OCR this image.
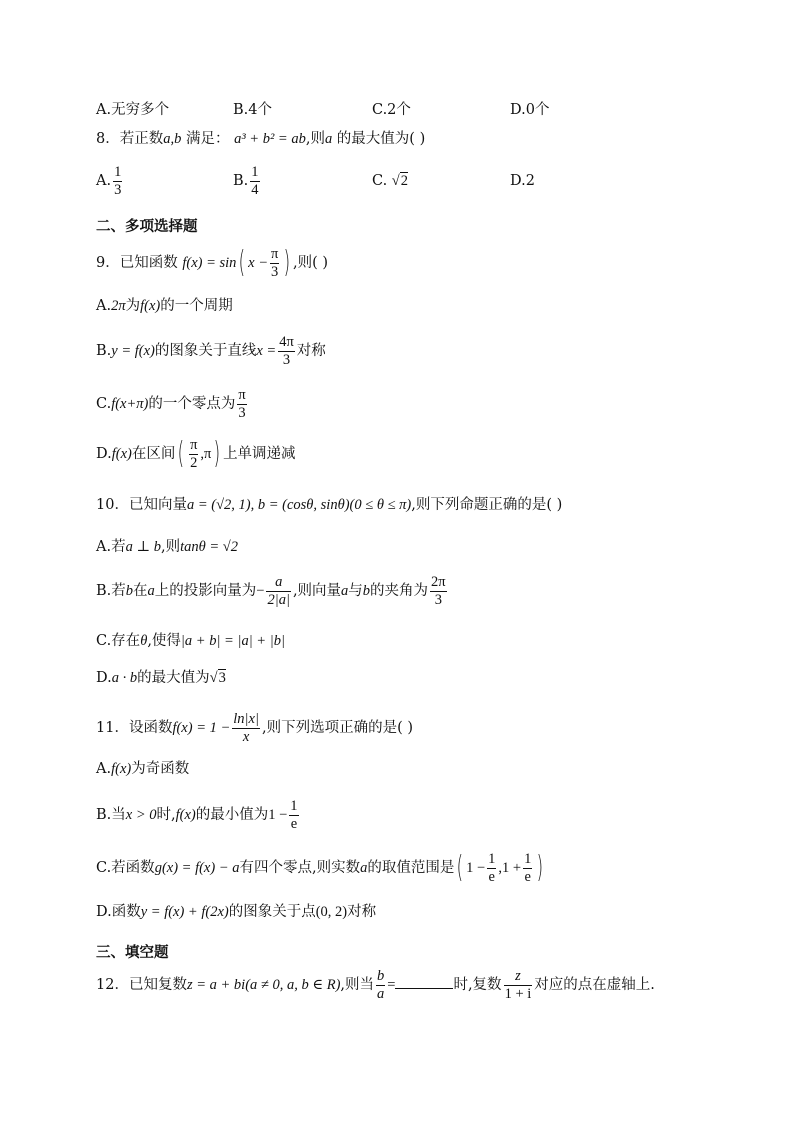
A.无穷多个	B.4个	C.2个	D.0个
8．若正数a,b 满足： a³ + b² = ab,则a 的最大值为( )
A. $\frac{1}{3}$	B. $\frac{1}{4}$	C. √2	D.2
二、多项选择题
9．已知函数 f(x) = sin( $x - \frac{\pi}{3}$ ) ,则( )
A.2π为f(x)的一个周期
B.y = f(x)的图象关于直线$x = \frac{4\pi}{3}$ 对称
C.f(x+π)的一个零点为 $\frac{\pi}{3}$
D.f(x)在区间( $\frac{\pi}{2} ,\pi$) 上单调递减
10．已知向量a = (√2, 1), b = (cosθ, sinθ)(0 ≤ θ ≤ π),则下列命题正确的是( )
A.若a ⊥ b,则tanθ = √2
B.若b在a上的投影向量为− $\frac{a}{2|a|}$ ,则向量a与b的夹角为 $\frac{2\pi}{3}$
C.存在θ,使得|a + b| = |a| + |b|
D.a · b的最大值为√3
11．设函数$f(x) = 1 - \frac{\ln|x|}{x}$ ,则下列选项正确的是( )
A.f(x)为奇函数
B.当x > 0时,f(x)的最小值为$1 - \frac{1}{e}$
C.若函数g(x) = f(x) − a有四个零点,则实数a的取值范围是( $1 - \frac{1}{e} ,1 + \frac{1}{e}$ )
D.函数y = f(x) + f(2x)的图象关于点(0, 2)对称
三、填空题
12．已知复数z = a + bi(a ≠ 0, a, b ∈ R),则当 $\frac{b}{a}$ =	时,复数 $\frac{z}{1 + i}$ 对应的点在虚轴上.
